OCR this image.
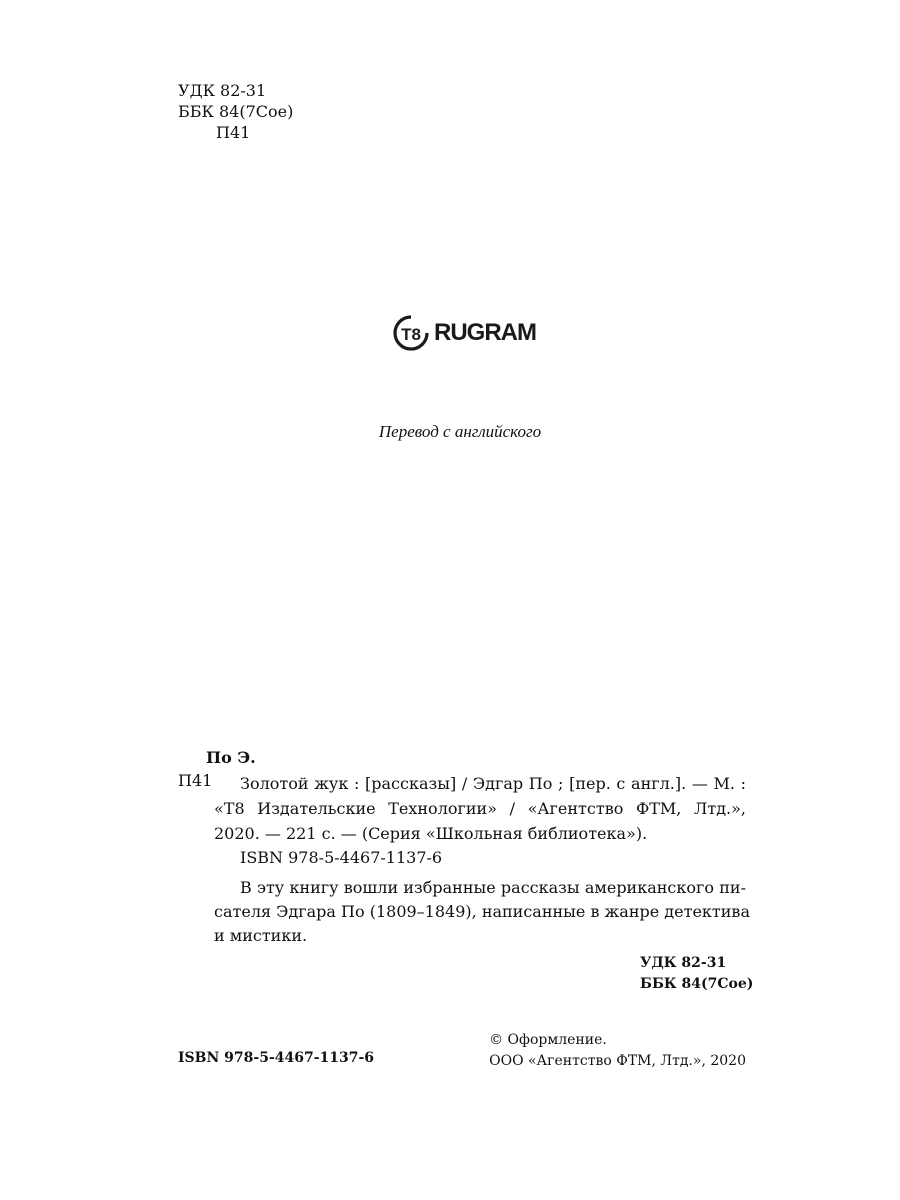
УДК 82-31
ББК 84(7Сое)
П41
T8 RUGRAM
Перевод с английского
По Э.
П41	Золотой жук : [рассказы] / Эдгар По ; [пер. с англ.]. — М. :
«Т8 Издательские Технологии» / «Агентство ФТМ, Лтд.»,
2020. — 221 с. — (Серия «Школьная библиотека»).
ISBN 978-5-4467-1137-6
В эту книгу вошли избранные рассказы американского пи-
сателя Эдгара По (1809–1849), написанные в жанре детектива
и мистики.
УДК 82-31
ББК 84(7Сое)
ISBN 978-5-4467-1137-6
© Оформление.
ООО «Агентство ФТМ, Лтд.», 2020
